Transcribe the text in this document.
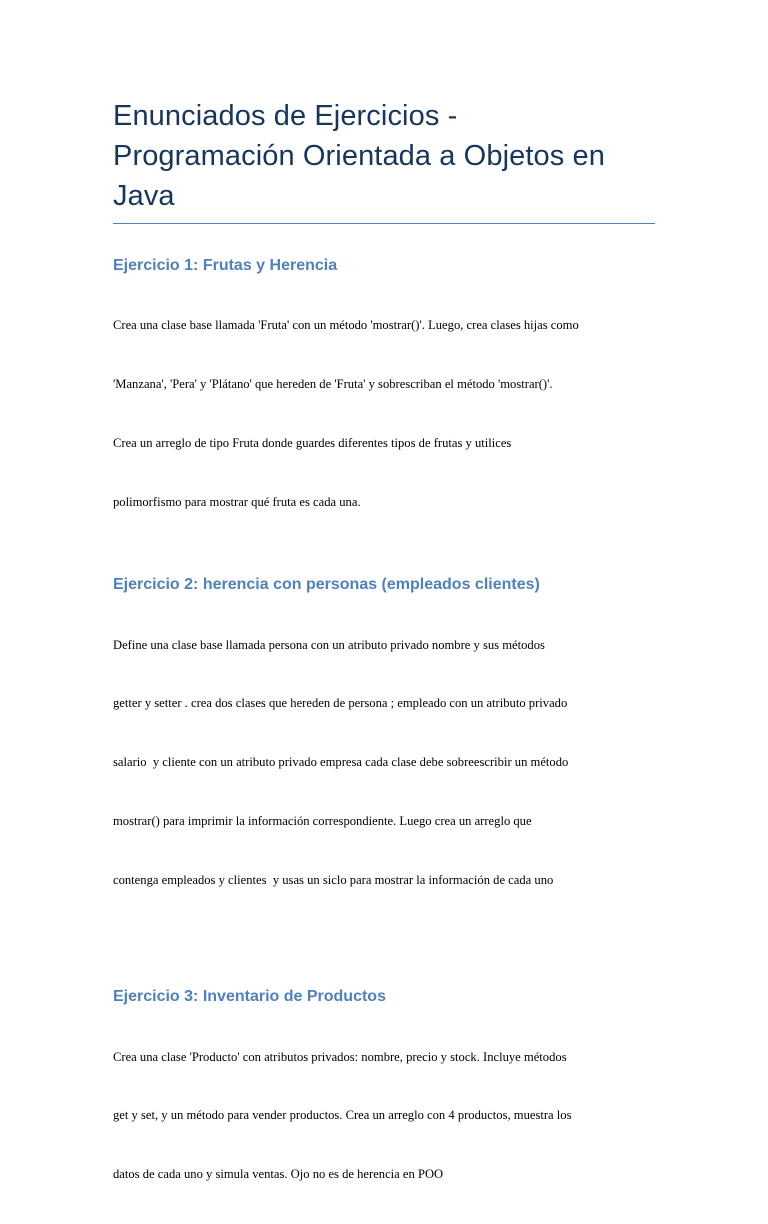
Enunciados de Ejercicios -
Programación Orientada a Objetos en
Java
Ejercicio 1: Frutas y Herencia

Crea una clase base llamada 'Fruta' con un método 'mostrar()'. Luego, crea clases hijas como

'Manzana', 'Pera' y 'Plátano' que hereden de 'Fruta' y sobrescriban el método 'mostrar()'.

Crea un arreglo de tipo Fruta donde guardes diferentes tipos de frutas y utilices

polimorfismo para mostrar qué fruta es cada una.

Ejercicio 2: herencia con personas (empleados clientes)

Define una clase base llamada persona con un atributo privado nombre y sus métodos

getter y setter . crea dos clases que hereden de persona ; empleado con un atributo privado

salario  y cliente con un atributo privado empresa cada clase debe sobreescribir un método

mostrar() para imprimir la información correspondiente. Luego crea un arreglo que

contenga empleados y clientes  y usas un siclo para mostrar la información de cada uno

Ejercicio 3: Inventario de Productos

Crea una clase 'Producto' con atributos privados: nombre, precio y stock. Incluye métodos

get y set, y un método para vender productos. Crea un arreglo con 4 productos, muestra los

datos de cada uno y simula ventas. Ojo no es de herencia en POO
